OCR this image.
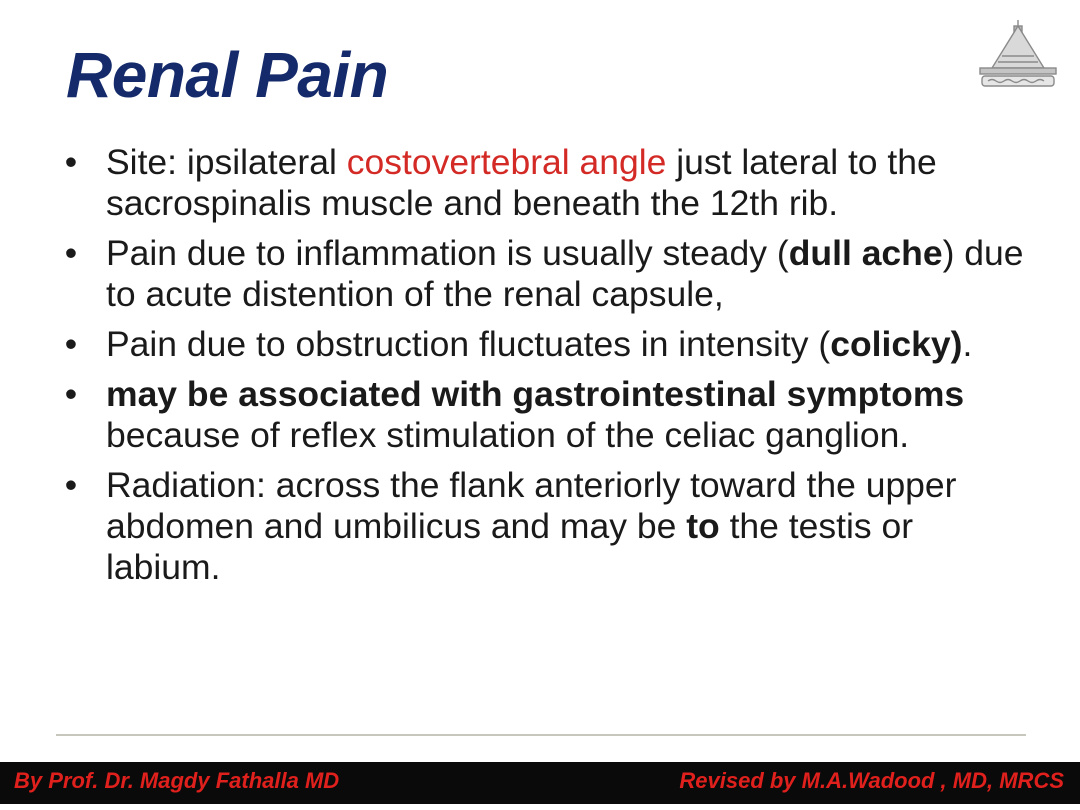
Renal Pain
• Site: ipsilateral costovertebral angle just lateral to the sacrospinalis muscle and beneath the 12th rib.
• Pain due to inflammation is usually steady (dull ache) due to acute distention of the renal capsule,
• Pain due to obstruction fluctuates in intensity (colicky).
• may be associated with gastrointestinal symptoms because of reflex stimulation of the celiac ganglion.
• Radiation: across the flank anteriorly toward the upper abdomen and umbilicus and may be to the testis or labium.
By Prof. Dr. Magdy Fathalla MD	Revised by M.A.Wadood , MD, MRCS
